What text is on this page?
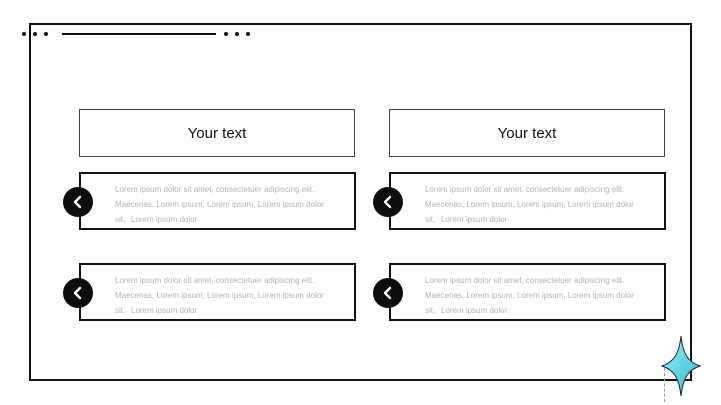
Your text
Lorem ipsum dolor sit amet, consectetuer adipiscing elit. Maecenas, Lorem ipsum, Lorem ipsum, Lorem ipsum dolor sit。Lorem ipsum dolor
Lorem ipsum dolor sit amet, consectetuer adipiscing elit. Maecenas, Lorem ipsum, Lorem ipsum, Lorem ipsum dolor sit。Lorem ipsum dolor
Your text
Lorem ipsum dolor sit amet, consectetuer adipiscing elit. Maecenas, Lorem ipsum, Lorem ipsum, Lorem ipsum dolor sit。Lorem ipsum dolor
Lorem ipsum dolor sit amet, consectetuer adipiscing elit. Maecenas, Lorem ipsum, Lorem ipsum, Lorem ipsum dolor sit。Lorem ipsum dolor
